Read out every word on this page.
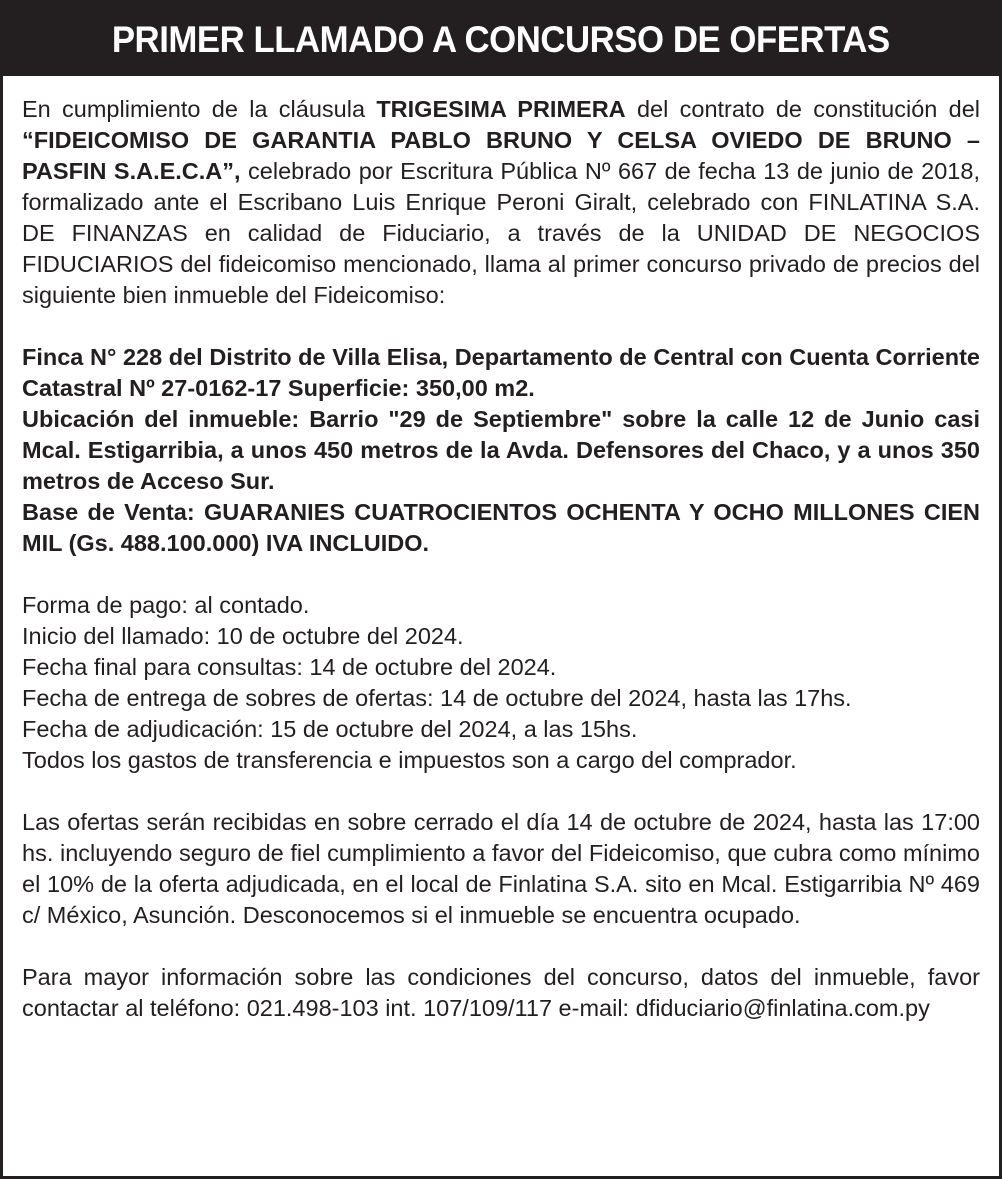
PRIMER LLAMADO A CONCURSO DE OFERTAS

En cumplimiento de la cláusula TRIGESIMA PRIMERA del contrato de constitución del “FIDEICOMISO DE GARANTIA PABLO BRUNO Y CELSA OVIEDO DE BRUNO – PASFIN S.A.E.C.A”, celebrado por Escritura Pública Nº 667 de fecha 13 de junio de 2018, formalizado ante el Escribano Luis Enrique Peroni Giralt, celebrado con FINLATINA S.A. DE FINANZAS en calidad de Fiduciario, a través de la UNIDAD DE NEGOCIOS FIDUCIARIOS del fideicomiso mencionado, llama al primer concurso privado de precios del siguiente bien inmueble del Fideicomiso:

Finca N° 228 del Distrito de Villa Elisa, Departamento de Central con Cuenta Corriente Catastral Nº 27-0162-17 Superficie: 350,00 m2.

Ubicación del inmueble: Barrio "29 de Septiembre" sobre la calle 12 de Junio casi Mcal. Estigarribia, a unos 450 metros de la Avda. Defensores del Chaco, y a unos 350 metros de Acceso Sur.

Base de Venta: GUARANIES CUATROCIENTOS OCHENTA Y OCHO MILLONES CIEN MIL (Gs. 488.100.000) IVA INCLUIDO.

Forma de pago: al contado.

Inicio del llamado: 10 de octubre del 2024.

Fecha final para consultas: 14 de octubre del 2024.

Fecha de entrega de sobres de ofertas: 14 de octubre del 2024, hasta las 17hs.

Fecha de adjudicación: 15 de octubre del 2024, a las 15hs.

Todos los gastos de transferencia e impuestos son a cargo del comprador.

Las ofertas serán recibidas en sobre cerrado el día 14 de octubre de 2024, hasta las 17:00 hs. incluyendo seguro de fiel cumplimiento a favor del Fideicomiso, que cubra como mínimo el 10% de la oferta adjudicada, en el local de Finlatina S.A. sito en Mcal. Estigarribia Nº 469 c/ México, Asunción. Desconocemos si el inmueble se encuentra ocupado.

Para mayor información sobre las condiciones del concurso, datos del inmueble, favor contactar al teléfono: 021.498-103 int. 107/109/117 e-mail: dfiduciario@finlatina.com.py
